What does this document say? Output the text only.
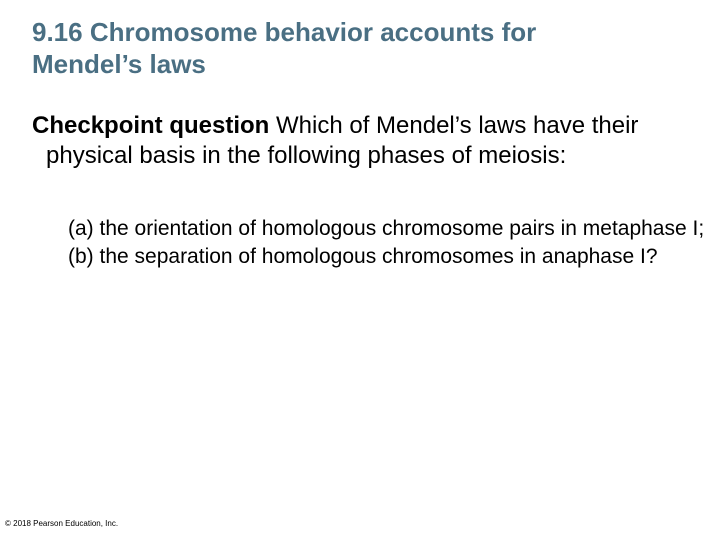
9.16 Chromosome behavior accounts for
Mendel’s laws
Checkpoint question Which of Mendel’s laws have their physical basis in the following phases of meiosis:
(a) the orientation of homologous chromosome pairs in metaphase I;
(b) the separation of homologous chromosomes in anaphase I?
© 2018 Pearson Education, Inc.
